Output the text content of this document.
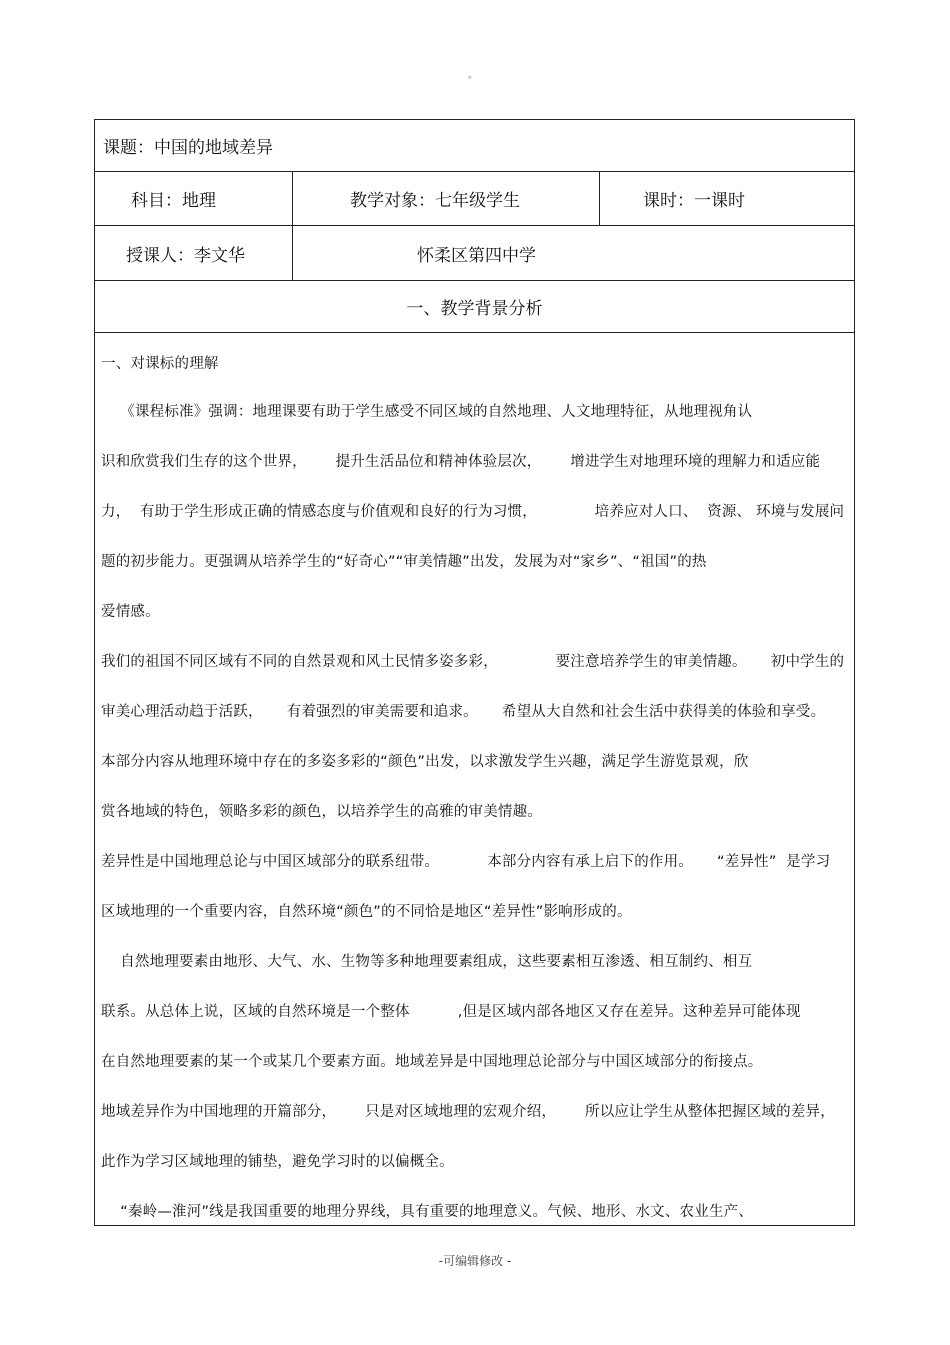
。
课题：中国的地域差异
科目：地理	教学对象：七年级学生	课时：一课时
授课人：李文华	怀柔区第四中学
一、教学背景分析
一、对课标的理解
《课程标准》强调：地理课要有助于学生感受不同区域的自然地理、人文地理特征，从地理视角认
识和欣赏我们生存的这个世界，      提升生活品位和精神体验层次，      增进学生对地理环境的理解力和适应能
力，  有助于学生形成正确的情感态度与价值观和良好的行为习惯，            培养应对人口、  资源、 环境与发展问
题的初步能力。更强调从培养学生的“好奇心”“审美情趣”出发，发展为对“家乡”、“祖国”的热
爱情感。
我们的祖国不同区域有不同的自然景观和风土民情多姿多彩，            要注意培养学生的审美情趣。     初中学生的
审美心理活动趋于活跃，     有着强烈的审美需要和追求。     希望从大自然和社会生活中获得美的体验和享受。
本部分内容从地理环境中存在的多姿多彩的“颜色”出发，以求激发学生兴趣，满足学生游览景观，欣
赏各地域的特色，领略多彩的颜色，以培养学生的高雅的审美情趣。
差异性是中国地理总论与中国区域部分的联系纽带。          本部分内容有承上启下的作用。     “差异性”  是学习
区域地理的一个重要内容，自然环境“颜色”的不同恰是地区“差异性”影响形成的。
自然地理要素由地形、大气、水、生物等多种地理要素组成，这些要素相互渗透、相互制约、相互
联系。从总体上说，区域的自然环境是一个整体          ,但是区域内部各地区又存在差异。这种差异可能体现
在自然地理要素的某一个或某几个要素方面。地域差异是中国地理总论部分与中国区域部分的衔接点。
地域差异作为中国地理的开篇部分，      只是对区域地理的宏观介绍，      所以应让学生从整体把握区域的差异，
此作为学习区域地理的铺垫，避免学习时的以偏概全。
“秦岭—淮河”线是我国重要的地理分界线，具有重要的地理意义。气候、地形、水文、农业生产、
-可编辑修改 -
